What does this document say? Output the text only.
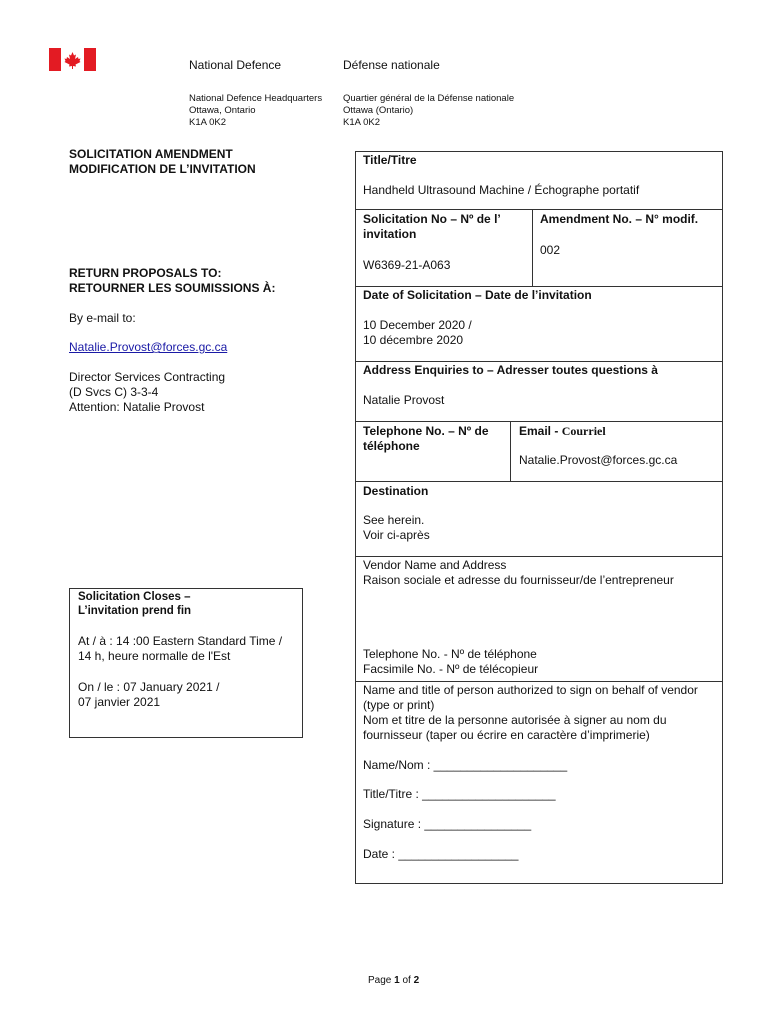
National Defence	Défense nationale
National Defence Headquarters
Ottawa, Ontario
K1A 0K2
Quartier général de la Défense nationale
Ottawa (Ontario)
K1A 0K2
SOLICITATION AMENDMENT
MODIFICATION DE L’INVITATION
RETURN PROPOSALS TO:
RETOURNER LES SOUMISSIONS À:
By e-mail to:
Natalie.Provost@forces.gc.ca
Director Services Contracting
(D Svcs C) 3-3-4
Attention: Natalie Provost
Solicitation Closes –
L’invitation prend fin
At / à : 14 :00 Eastern Standard Time /
14 h, heure normalle de l'Est
On / le : 07 January 2021 /
07 janvier 2021
Title/Titre
Handheld Ultrasound Machine / Échographe portatif
Solicitation No – Nº de l’
invitation
W6369-21-A063
Amendment No. – N° modif.
002
Date of Solicitation – Date de l’invitation
10 December 2020 /
10 décembre 2020
Address Enquiries to – Adresser toutes questions à
Natalie Provost
Telephone No. – Nº de
téléphone
Email - Courriel
Natalie.Provost@forces.gc.ca
Destination
See herein.
Voir ci-après
Vendor Name and Address
Raison sociale et adresse du fournisseur/de l’entrepreneur
Telephone No. - Nº de téléphone
Facsimile No. - Nº de télécopieur
Name and title of person authorized to sign on behalf of vendor
(type or print)
Nom et titre de la personne autorisée à signer au nom du
fournisseur (taper ou écrire en caractère d’imprimerie)
Name/Nom : ____________________
Title/Titre : ____________________
Signature : ________________
Date : __________________
Page 1 of 2
